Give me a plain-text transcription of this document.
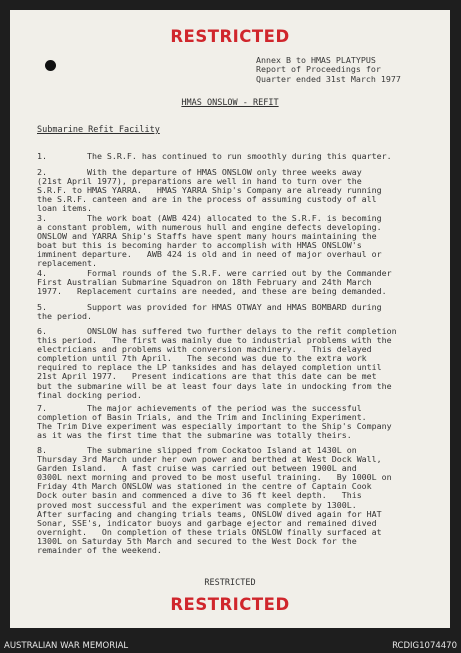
RESTRICTED
Annex B to HMAS PLATYPUS
Report of Proceedings for
Quarter ended 31st March 1977
HMAS ONSLOW - REFIT
Submarine Refit Facility
1.        The S.R.F. has continued to run smoothly during this quarter.
2.        With the departure of HMAS ONSLOW only three weeks away
(21st April 1977), preparations are well in hand to turn over the
S.R.F. to HMAS YARRA.   HMAS YARRA Ship's Company are already running
the S.R.F. canteen and are in the process of assuming custody of all
loan items.
3.        The work boat (AWB 424) allocated to the S.R.F. is becoming
a constant problem, with numerous hull and engine defects developing.
ONSLOW and YARRA Ship's Staffs have spent many hours maintaining the
boat but this is becoming harder to accomplish with HMAS ONSLOW's
imminent departure.   AWB 424 is old and in need of major overhaul or
replacement.
4.        Formal rounds of the S.R.F. were carried out by the Commander
First Australian Submarine Squadron on 18th February and 24th March
1977.   Replacement curtains are needed, and these are being demanded.
5.        Support was provided for HMAS OTWAY and HMAS BOMBARD during
the period.
6.        ONSLOW has suffered two further delays to the refit completion
this period.   The first was mainly due to industrial problems with the
electricians and problems with conversion machinery.   This delayed
completion until 7th April.   The second was due to the extra work
required to replace the LP tanksides and has delayed completion until
21st April 1977.   Present indications are that this date can be met
but the submarine will be at least four days late in undocking from the
final docking period.
7.        The major achievements of the period was the successful
completion of Basin Trials, and the Trim and Inclining Experiment.
The Trim Dive experiment was especially important to the Ship's Company
as it was the first time that the submarine was totally theirs.
8.        The submarine slipped from Cockatoo Island at 1430L on
Thursday 3rd March under her own power and berthed at West Dock Wall,
Garden Island.   A fast cruise was carried out between 1900L and
0300L next morning and proved to be most useful training.   By 1000L on
Friday 4th March ONSLOW was stationed in the centre of Captain Cook
Dock outer basin and commenced a dive to 36 ft keel depth.   This
proved most successful and the experiment was complete by 1300L.
After surfacing and changing trials teams, ONSLOW dived again for HAT
Sonar, SSE's, indicator buoys and garbage ejector and remained dived
overnight.   On completion of these trials ONSLOW finally surfaced at
1300L on Saturday 5th March and secured to the West Dock for the
remainder of the weekend.
RESTRICTED
RESTRICTED
AUSTRALIAN WAR MEMORIAL	RCDIG1074470
